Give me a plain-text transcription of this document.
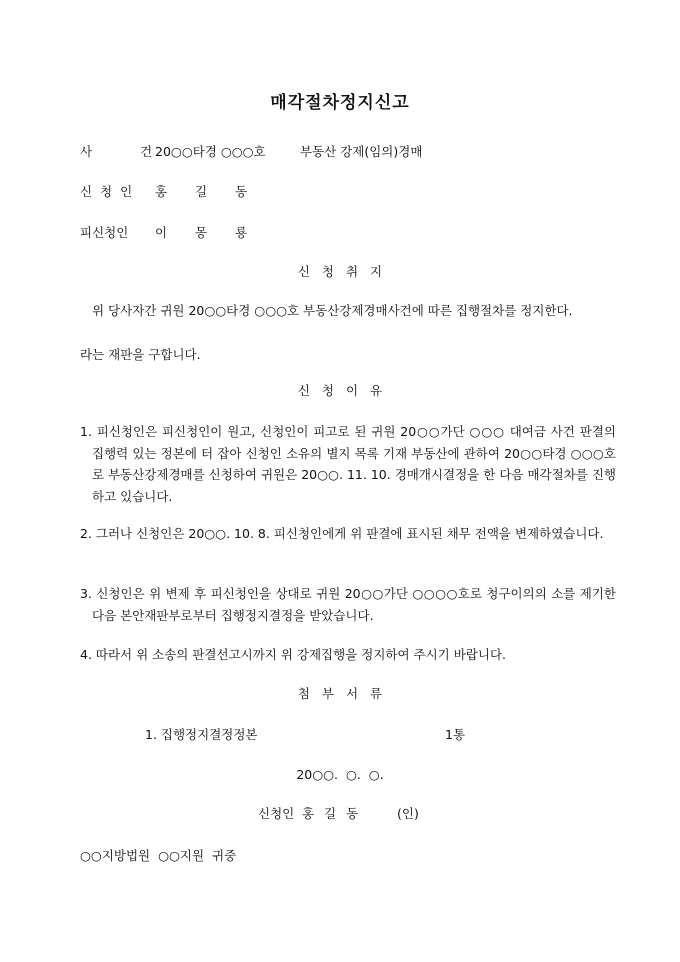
매각절차정지신고
사 건
20○○타경 ○○○호	부동산 강제(임의)경매
신 청 인 홍 길 동
피신청인 이 몽 룡
신 청 취 지
위 당사자간 귀원 20○○타경 ○○○호 부동산강제경매사건에 따른 집행절차를 정지한다.
라는 재판을 구합니다.
신 청 이 유
1. 피신청인은 피신청인이 원고, 신청인이 피고로 된 귀원 20○○가단 ○○○ 대여금 사건 판결의 집행력 있는 정본에 터 잡아 신청인 소유의 별지 목록 기재 부동산에 관하여 20○○타경 ○○○호로 부동산강제경매를 신청하여 귀원은 20○○. 11. 10. 경매개시결정을 한 다음 매각절차를 진행하고 있습니다.
2. 그러나 신청인은 20○○. 10. 8. 피신청인에게 위 판결에 표시된 채무 전액을 변제하였습니다.
3. 신청인은 위 변제 후 피신청인을 상대로 귀원 20○○가단 ○○○○호로 청구이의의 소를 제기한 다음 본안재판부로부터 집행정지결정을 받았습니다.
4. 따라서 위 소송의 판결선고시까지 위 강제집행을 정지하여 주시기 바랍니다.
첨 부 서 류
1. 집행정지결정정본	1통
20○○.  ○.  ○.
신청인 홍 길 동	(인)
○○지방법원 ○○지원 귀중
